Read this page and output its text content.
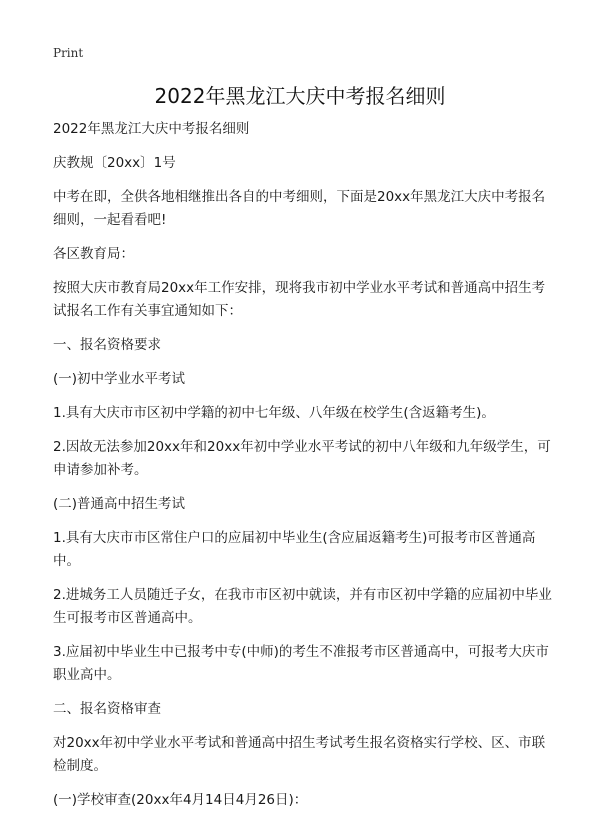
Print
2022年黑龙江大庆中考报名细则

2022年黑龙江大庆中考报名细则

庆教规〔20xx〕1号

中考在即，全供各地相继推出各自的中考细则，下面是20xx年黑龙江大庆中考报名细则，一起看看吧!

各区教育局：

按照大庆市教育局20xx年工作安排，现将我市初中学业水平考试和普通高中招生考试报名工作有关事宜通知如下：

一、报名资格要求

(一)初中学业水平考试

1.具有大庆市市区初中学籍的初中七年级、八年级在校学生(含返籍考生)。

2.因故无法参加20xx年和20xx年初中学业水平考试的初中八年级和九年级学生，可申请参加补考。

(二)普通高中招生考试

1.具有大庆市市区常住户口的应届初中毕业生(含应届返籍考生)可报考市区普通高中。

2.进城务工人员随迁子女，在我市市区初中就读，并有市区初中学籍的应届初中毕业生可报考市区普通高中。

3.应届初中毕业生中已报考中专(中师)的考生不准报考市区普通高中，可报考大庆市职业高中。

二、报名资格审查

对20xx年初中学业水平考试和普通高中招生考试考生报名资格实行学校、区、市联检制度。

(一)学校审查(20xx年4月14日4月26日)：
